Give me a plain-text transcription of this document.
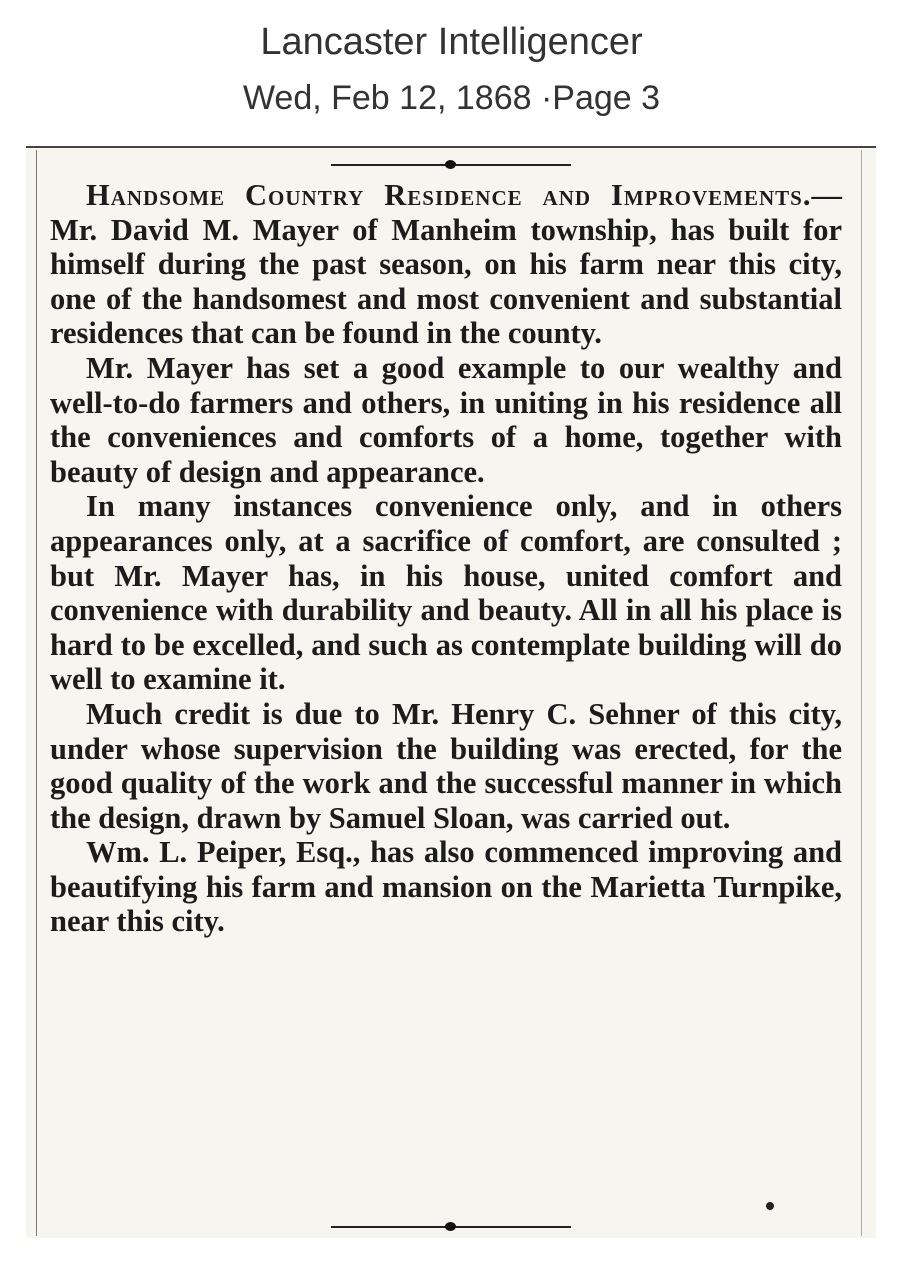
Lancaster Intelligencer
Wed, Feb 12, 1868 ·Page 3

Handsome Country Residence and Improvements.—Mr. David M. Mayer of Manheim township, has built for himself during the past season, on his farm near this city, one of the handsomest and most convenient and substantial residences that can be found in the county.

Mr. Mayer has set a good example to our wealthy and well-to-do farmers and others, in uniting in his residence all the conveniences and comforts of a home, together with beauty of design and appearance.

In many instances convenience only, and in others appearances only, at a sacrifice of comfort, are consulted ; but Mr. Mayer has, in his house, united comfort and convenience with durability and beauty. All in all his place is hard to be excelled, and such as contemplate building will do well to examine it.

Much credit is due to Mr. Henry C. Sehner of this city, under whose supervision the building was erected, for the good quality of the work and the successful manner in which the design, drawn by Samuel Sloan, was carried out.

Wm. L. Peiper, Esq., has also commenced improving and beautifying his farm and mansion on the Marietta Turnpike, near this city.
